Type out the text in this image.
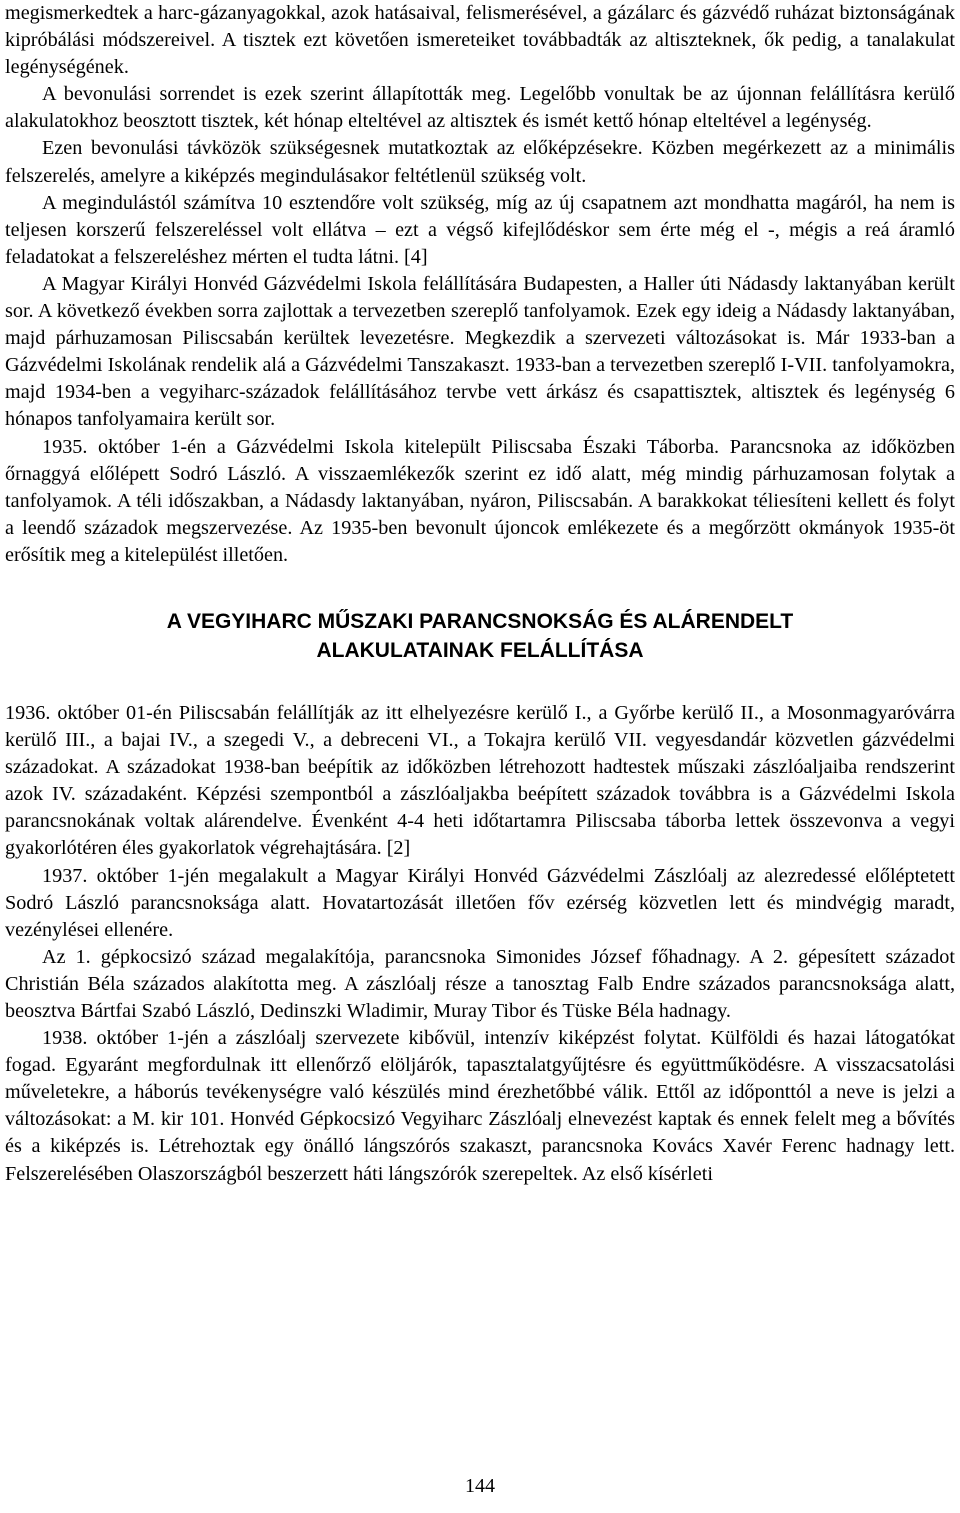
megismerkedtek a harc-gázanyagokkal, azok hatásaival, felismerésével, a gázálarc és gázvédő ruházat biztonságának kipróbálási módszereivel. A tisztek ezt követően ismereteiket továbbadták az altiszteknek, ők pedig, a tanalakulat legénységének.

A bevonulási sorrendet is ezek szerint állapították meg. Legelőbb vonultak be az újonnan felállításra kerülő alakulatokhoz beosztott tisztek, két hónap elteltével az altisztek és ismét kettő hónap elteltével a legénység.

Ezen bevonulási távközök szükségesnek mutatkoztak az előképzésekre. Közben megérkezett az a minimális felszerelés, amelyre a kiképzés megindulásakor feltétlenül szükség volt.

A megindulástól számítva 10 esztendőre volt szükség, míg az új csapatnem azt mondhatta magáról, ha nem is teljesen korszerű felszereléssel volt ellátva – ezt a végső kifejlődéskor sem érte még el -, mégis a reá áramló feladatokat a felszereléshez mérten el tudta látni. [4]

A Magyar Királyi Honvéd Gázvédelmi Iskola felállítására Budapesten, a Haller úti Nádasdy laktanyában került sor. A következő években sorra zajlottak a tervezetben szereplő tanfolyamok. Ezek egy ideig a Nádasdy laktanyában, majd párhuzamosan Piliscsabán kerültek levezetésre. Megkezdik a szervezeti változásokat is. Már 1933-ban a Gázvédelmi Iskolának rendelik alá a Gázvédelmi Tanszakaszt. 1933-ban a tervezetben szereplő I-VII. tanfolyamokra, majd 1934-ben a vegyiharc-századok felállításához tervbe vett árkász és csapattisztek, altisztek és legénység 6 hónapos tanfolyamaira került sor.

1935. október 1-én a Gázvédelmi Iskola kitelepült Piliscsaba Északi Táborba. Parancsnoka az időközben őrnaggyá előlépett Sodró László. A visszaemlékezők szerint ez idő alatt, még mindig párhuzamosan folytak a tanfolyamok. A téli időszakban, a Nádasdy laktanyában, nyáron, Piliscsabán. A barakkokat téliesíteni kellett és folyt a leendő századok megszervezése. Az 1935-ben bevonult újoncok emlékezete és a megőrzött okmányok 1935-öt erősítik meg a kitelepülést illetően.

A VEGYIHARC MŰSZAKI PARANCSNOKSÁG ÉS ALÁRENDELT

ALAKULATAINAK FELÁLLÍTÁSA

1936. október 01-én Piliscsabán felállítják az itt elhelyezésre kerülő I., a Győrbe kerülő II., a Mosonmagyaróvárra kerülő III., a bajai IV., a szegedi V., a debreceni VI., a Tokajra kerülő VII. vegyesdandár közvetlen gázvédelmi századokat. A századokat 1938-ban beépítik az időközben létrehozott hadtestek műszaki zászlóaljaiba rendszerint azok IV. századaként. Képzési szempontból a zászlóaljakba beépített századok továbbra is a Gázvédelmi Iskola parancsnokának voltak alárendelve. Évenként 4-4 heti időtartamra Piliscsaba táborba lettek összevonva a vegyi gyakorlótéren éles gyakorlatok végrehajtására. [2]

1937. október 1-jén megalakult a Magyar Királyi Honvéd Gázvédelmi Zászlóalj az alezredessé előléptetett Sodró László parancsnoksága alatt. Hovatartozását illetően főv ezérség közvetlen lett és mindvégig maradt, vezénylései ellenére.

Az 1. gépkocsizó század megalakítója, parancsnoka Simonides József főhadnagy. A 2. gépesített századot Christián Béla százados alakította meg. A zászlóalj része a tanosztag Falb Endre százados parancsnoksága alatt, beosztva Bártfai Szabó László, Dedinszki Wladimir, Muray Tibor és Tüske Béla hadnagy.

1938. október 1-jén a zászlóalj szervezete kibővül, intenzív kiképzést folytat. Külföldi és hazai látogatókat fogad. Egyaránt megfordulnak itt ellenőrző elöljárók, tapasztalatgyűjtésre és együttműködésre. A visszacsatolási műveletekre, a háborús tevékenységre való készülés mind érezhetőbbé válik. Ettől az időponttól a neve is jelzi a változásokat: a M. kir 101. Honvéd Gépkocsizó Vegyiharc Zászlóalj elnevezést kaptak és ennek felelt meg a bővítés és a kiképzés is. Létrehoztak egy önálló lángszórós szakaszt, parancsnoka Kovács Xavér Ferenc hadnagy lett. Felszerelésében Olaszországból beszerzett háti lángszórók szerepeltek. Az első kísérleti

144
